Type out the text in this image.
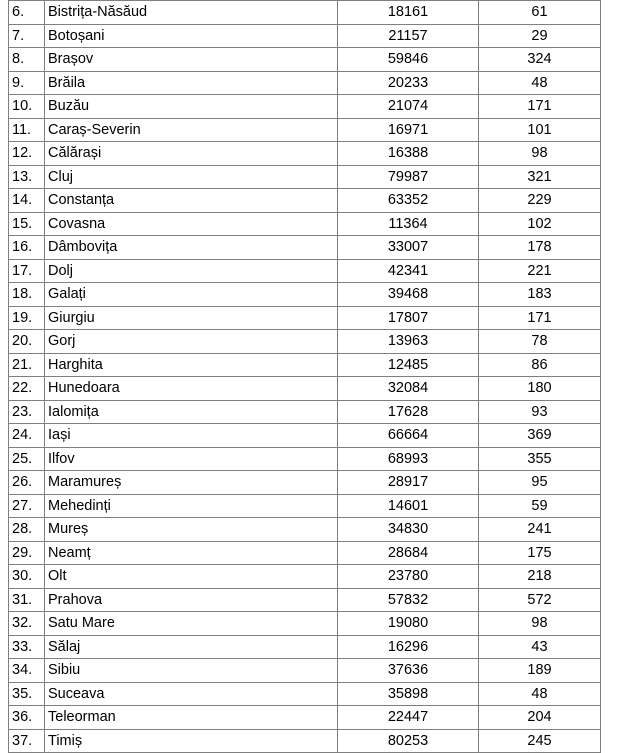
6.	Bistrița-Năsăud	18161	61	
7.	Botoșani	21157	29	
8.	Brașov	59846	324	
9.	Brăila	20233	48	
10.	Buzău	21074	171	
11.	Caraș-Severin	16971	101	
12.	Călărași	16388	98	
13.	Cluj	79987	321	
14.	Constanța	63352	229	
15.	Covasna	11364	102	
16.	Dâmbovița	33007	178	
17.	Dolj	42341	221	
18.	Galați	39468	183	
19.	Giurgiu	17807	171	
20.	Gorj	13963	78	
21.	Harghita	12485	86	
22.	Hunedoara	32084	180	
23.	Ialomița	17628	93	
24.	Iași	66664	369	
25.	Ilfov	68993	355	
26.	Maramureș	28917	95	
27.	Mehedinți	14601	59	
28.	Mureș	34830	241	
29.	Neamț	28684	175	
30.	Olt	23780	218	
31.	Prahova	57832	572	
32.	Satu Mare	19080	98	
33.	Sălaj	16296	43	
34.	Sibiu	37636	189	
35.	Suceava	35898	48	
36.	Teleorman	22447	204	
37.	Timiș	80253	245	
